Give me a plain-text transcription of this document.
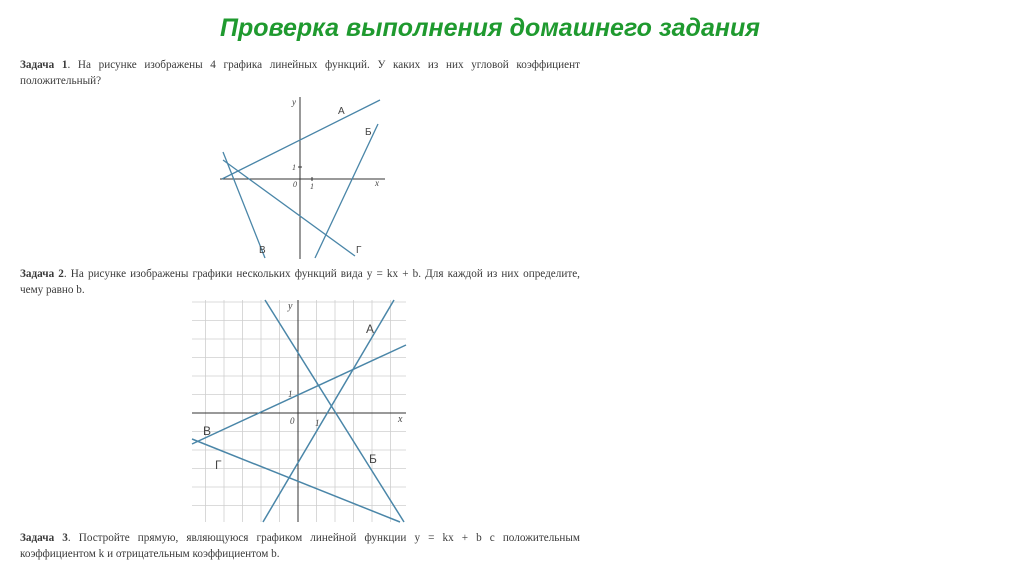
Проверка выполнения домашнего задания
Задача 1. На рисунке изображены 4 графика линейных функций. У каких из них угловой коэффициент положительный?
y
x
0 1
1
А
Б
В	Г
Задача 2. На рисунке изображены графики нескольких функций вида y = kx + b. Для каждой из них определите, чему равно b.
y
x
0 1
1
А
Б
В
Г
Задача 3. Постройте прямую, являющуюся графиком линейной функции y = kx + b с положительным коэффициентом k и отрицательным коэффициентом b.
